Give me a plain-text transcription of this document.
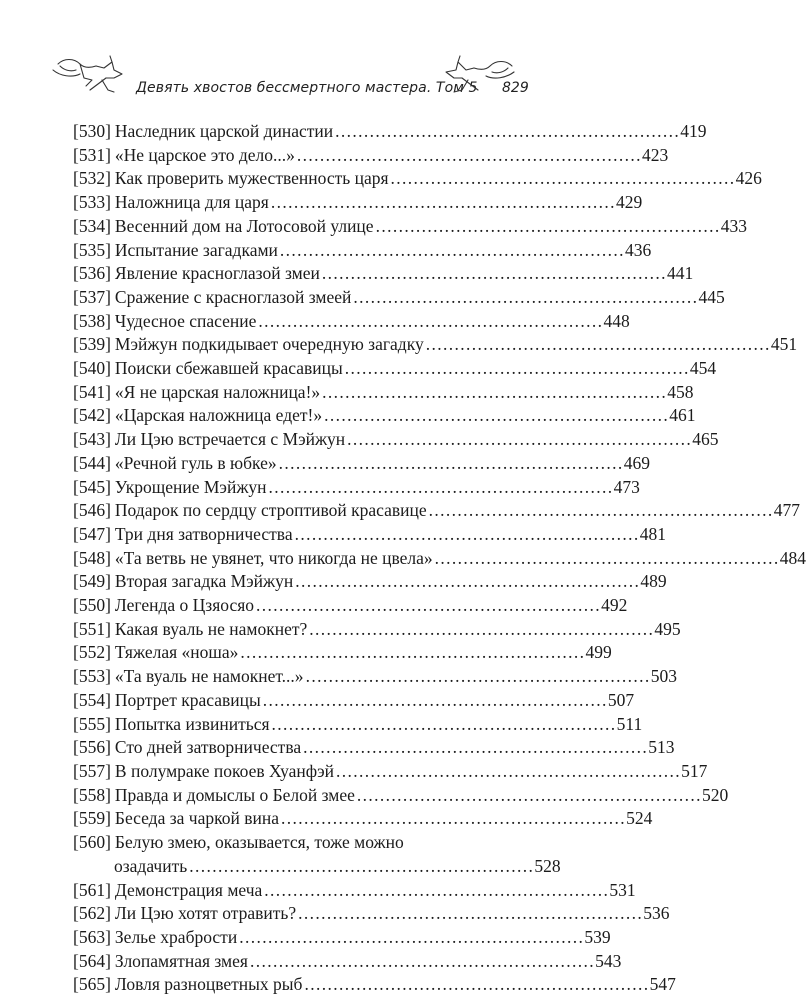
Девять хвостов бессмертного мастера. Том 5 829
[530] Наследник царской династии . . .	419
[531] «Не царское это дело...» . . .	423
[532] Как проверить мужественность царя . . .	426
[533] Наложница для царя . . .	429
[534] Весенний дом на Лотосовой улице . . .	433
[535] Испытание загадками . . .	436
[536] Явление красноглазой змеи . . .	441
[537] Сражение с красноглазой змеей . . .	445
[538] Чудесное спасение . . .	448
[539] Мэйжун подкидывает очередную загадку . . .	451
[540] Поиски сбежавшей красавицы . . .	454
[541] «Я не царская наложница!» . . .	458
[542] «Царская наложница едет!» . . .	461
[543] Ли Цэю встречается с Мэйжун . . .	465
[544] «Речной гуль в юбке» . . .	469
[545] Укрощение Мэйжун . . .	473
[546] Подарок по сердцу строптивой красавице . . .	477
[547] Три дня затворничества . . .	481
[548] «Та ветвь не увянет, что никогда не цвела» . . .	484
[549] Вторая загадка Мэйжун . . .	489
[550] Легенда о Цзяосяо . . .	492
[551] Какая вуаль не намокнет? . . .	495
[552] Тяжелая «ноша» . . .	499
[553] «Та вуаль не намокнет...» . . .	503
[554] Портрет красавицы . . .	507
[555] Попытка извиниться . . .	511
[556] Сто дней затворничества . . .	513
[557] В полумраке покоев Хуанфэй . . .	517
[558] Правда и домыслы о Белой змее . . .	520
[559] Беседа за чаркой вина . . .	524
[560] Белую змею, оказывается, тоже можно
озадачить . . .	528
[561] Демонстрация меча . . .	531
[562] Ли Цэю хотят отравить? . . .	536
[563] Зелье храбрости . . .	539
[564] Злопамятная змея . . .	543
[565] Ловля разноцветных рыб . . .	547
